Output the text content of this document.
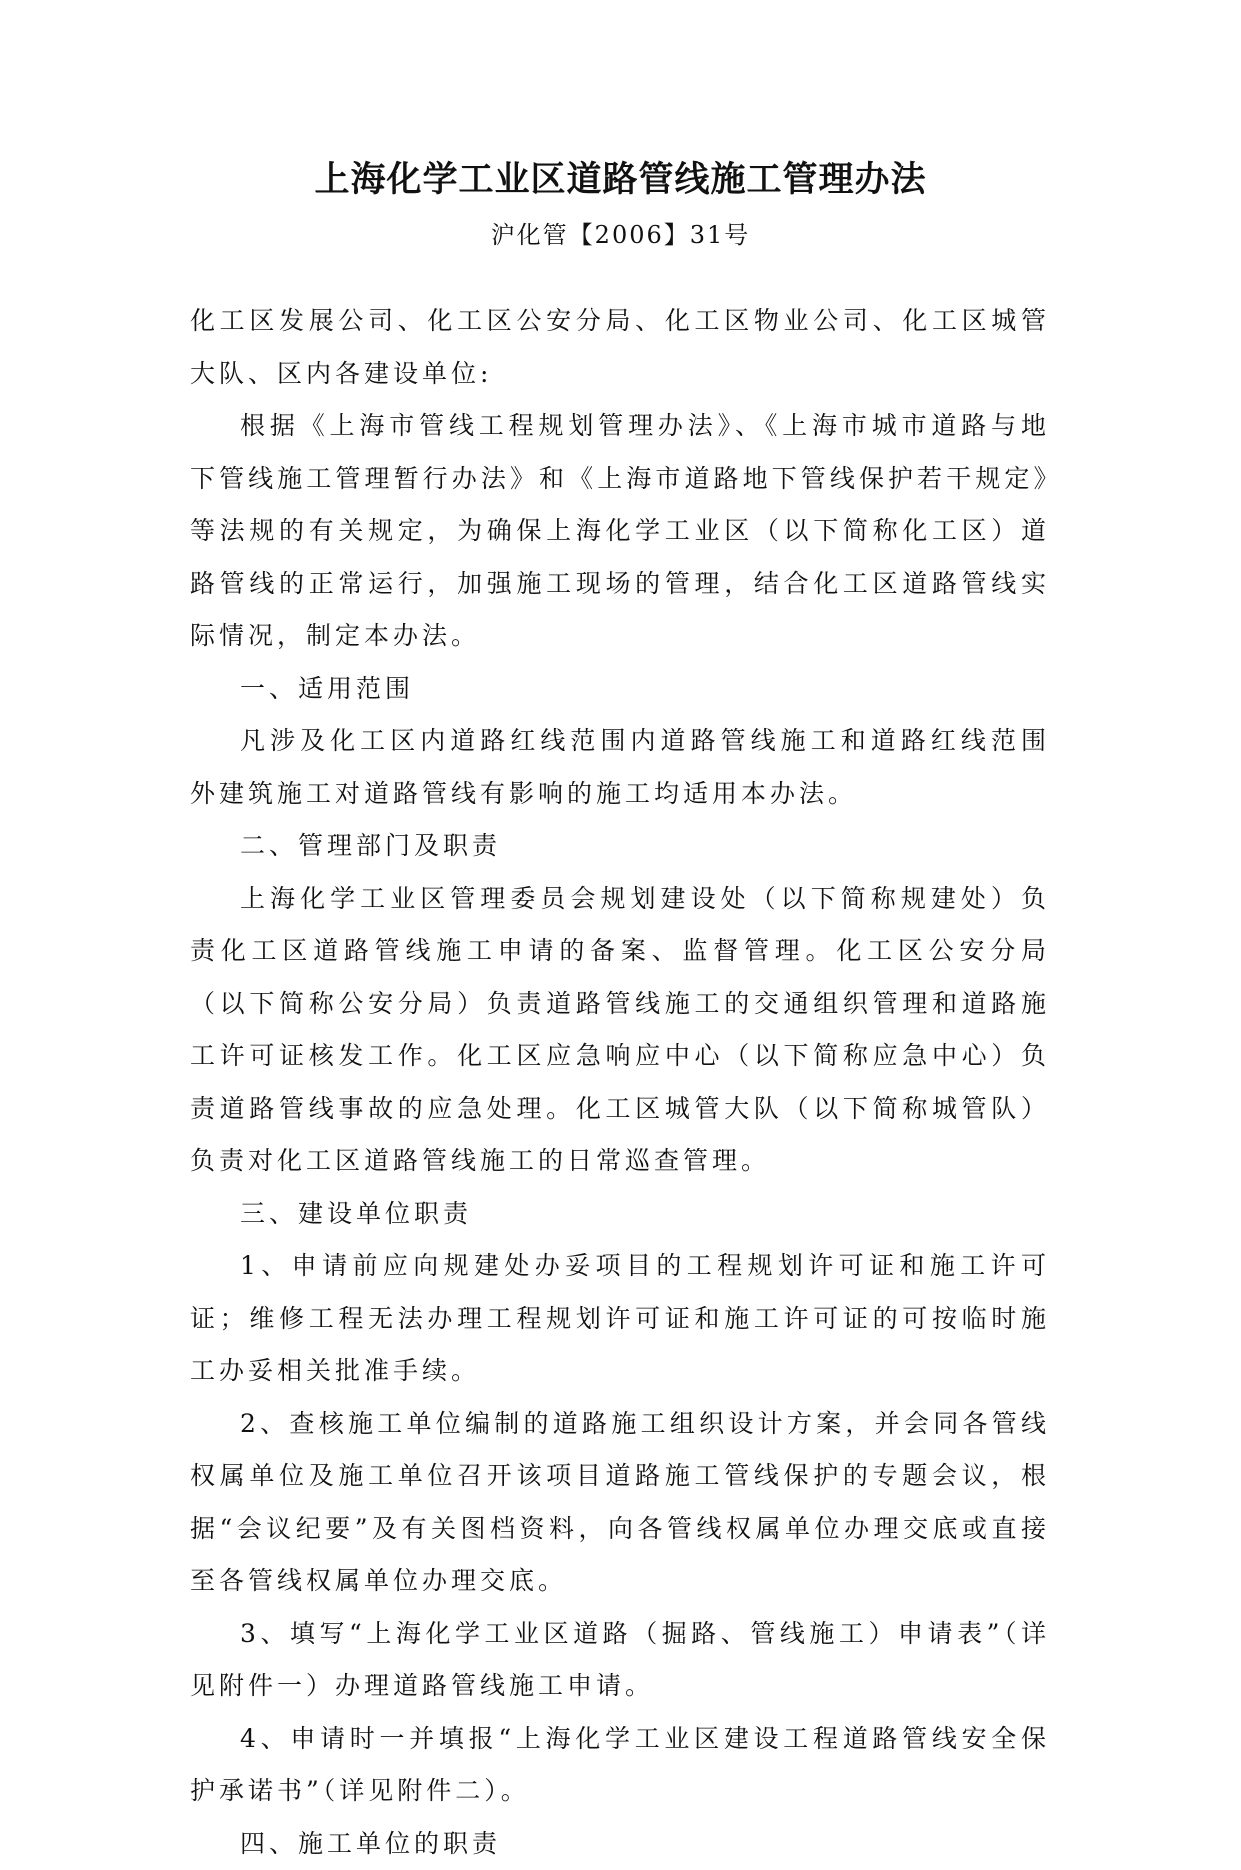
上海化学工业区道路管线施工管理办法
沪化管【2006】31号

化工区发展公司、化工区公安分局、化工区物业公司、化工区城管大队、区内各建设单位:

根据《上海市管线工程规划管理办法》、《上海市城市道路与地下管线施工管理暂行办法》和《上海市道路地下管线保护若干规定》等法规的有关规定，为确保上海化学工业区（以下简称化工区）道路管线的正常运行，加强施工现场的管理，结合化工区道路管线实际情况，制定本办法。

一、适用范围

凡涉及化工区内道路红线范围内道路管线施工和道路红线范围外建筑施工对道路管线有影响的施工均适用本办法。

二、管理部门及职责

上海化学工业区管理委员会规划建设处（以下简称规建处）负责化工区道路管线施工申请的备案、监督管理。化工区公安分局（以下简称公安分局）负责道路管线施工的交通组织管理和道路施工许可证核发工作。化工区应急响应中心（以下简称应急中心）负责道路管线事故的应急处理。化工区城管大队（以下简称城管队）负责对化工区道路管线施工的日常巡查管理。

三、建设单位职责

1、申请前应向规建处办妥项目的工程规划许可证和施工许可证；维修工程无法办理工程规划许可证和施工许可证的可按临时施工办妥相关批准手续。

2、查核施工单位编制的道路施工组织设计方案，并会同各管线权属单位及施工单位召开该项目道路施工管线保护的专题会议，根据“会议纪要”及有关图档资料，向各管线权属单位办理交底或直接至各管线权属单位办理交底。

3、填写“上海化学工业区道路（掘路、管线施工）申请表”（详见附件一）办理道路管线施工申请。

4、申请时一并填报“上海化学工业区建设工程道路管线安全保护承诺书”（详见附件二）。

四、施工单位的职责
